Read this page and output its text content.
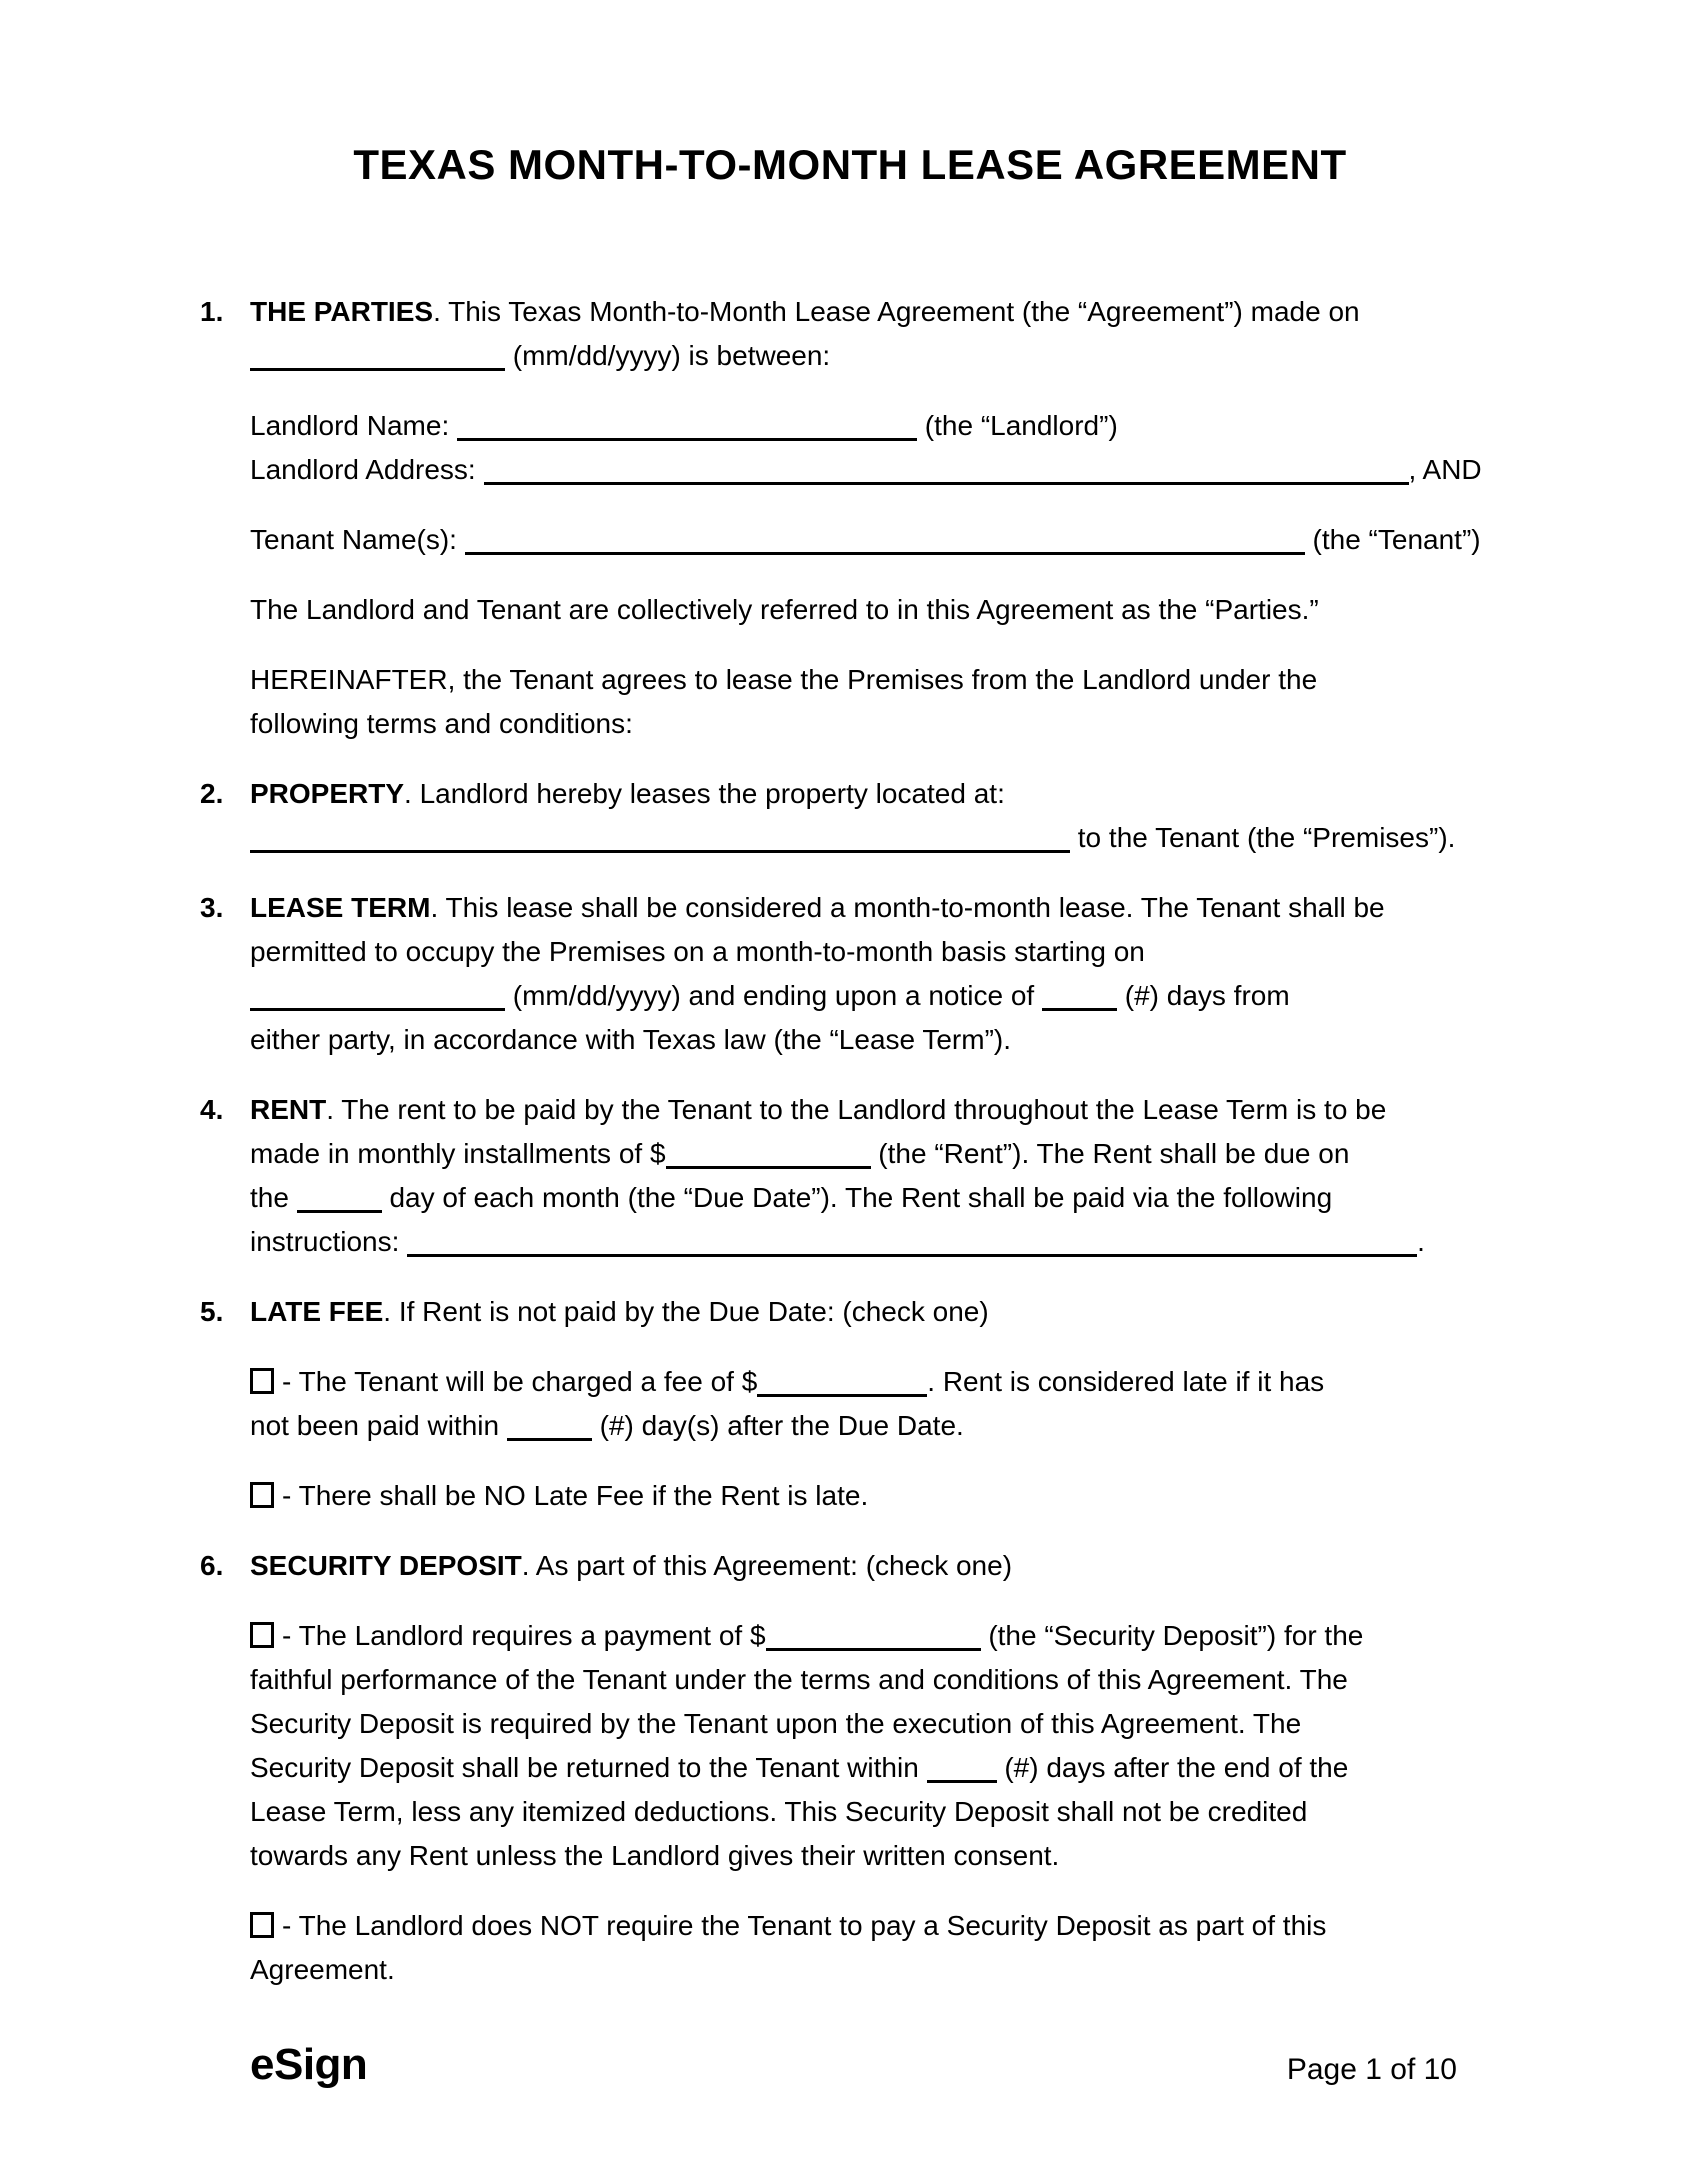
TEXAS MONTH-TO-MONTH LEASE AGREEMENT
1. THE PARTIES. This Texas Month-to-Month Lease Agreement (the “Agreement”) made on
(mm/dd/yyyy) is between:
Landlord Name:	(the “Landlord”)
Landlord Address:	, AND
Tenant Name(s):	(the “Tenant”)
The Landlord and Tenant are collectively referred to in this Agreement as the “Parties.”
HEREINAFTER, the Tenant agrees to lease the Premises from the Landlord under the
following terms and conditions:
2. PROPERTY. Landlord hereby leases the property located at:
to the Tenant (the “Premises”).
3. LEASE TERM. This lease shall be considered a month-to-month lease. The Tenant shall be
permitted to occupy the Premises on a month-to-month basis starting on
(mm/dd/yyyy) and ending upon a notice of	(#) days from
either party, in accordance with Texas law (the “Lease Term”).
4. RENT. The rent to be paid by the Tenant to the Landlord throughout the Lease Term is to be
made in monthly installments of $	(the “Rent”). The Rent shall be due on
the	day of each month (the “Due Date”). The Rent shall be paid via the following
instructions:	.
5. LATE FEE. If Rent is not paid by the Due Date: (check one)
- The Tenant will be charged a fee of $	. Rent is considered late if it has
not been paid within	(#) day(s) after the Due Date.
- There shall be NO Late Fee if the Rent is late.
6. SECURITY DEPOSIT. As part of this Agreement: (check one)
- The Landlord requires a payment of $	(the “Security Deposit”) for the
faithful performance of the Tenant under the terms and conditions of this Agreement. The
Security Deposit is required by the Tenant upon the execution of this Agreement. The
Security Deposit shall be returned to the Tenant within	(#) days after the end of the
Lease Term, less any itemized deductions. This Security Deposit shall not be credited
towards any Rent unless the Landlord gives their written consent.
- The Landlord does NOT require the Tenant to pay a Security Deposit as part of this
Agreement.
eSign	Page 1 of 10
